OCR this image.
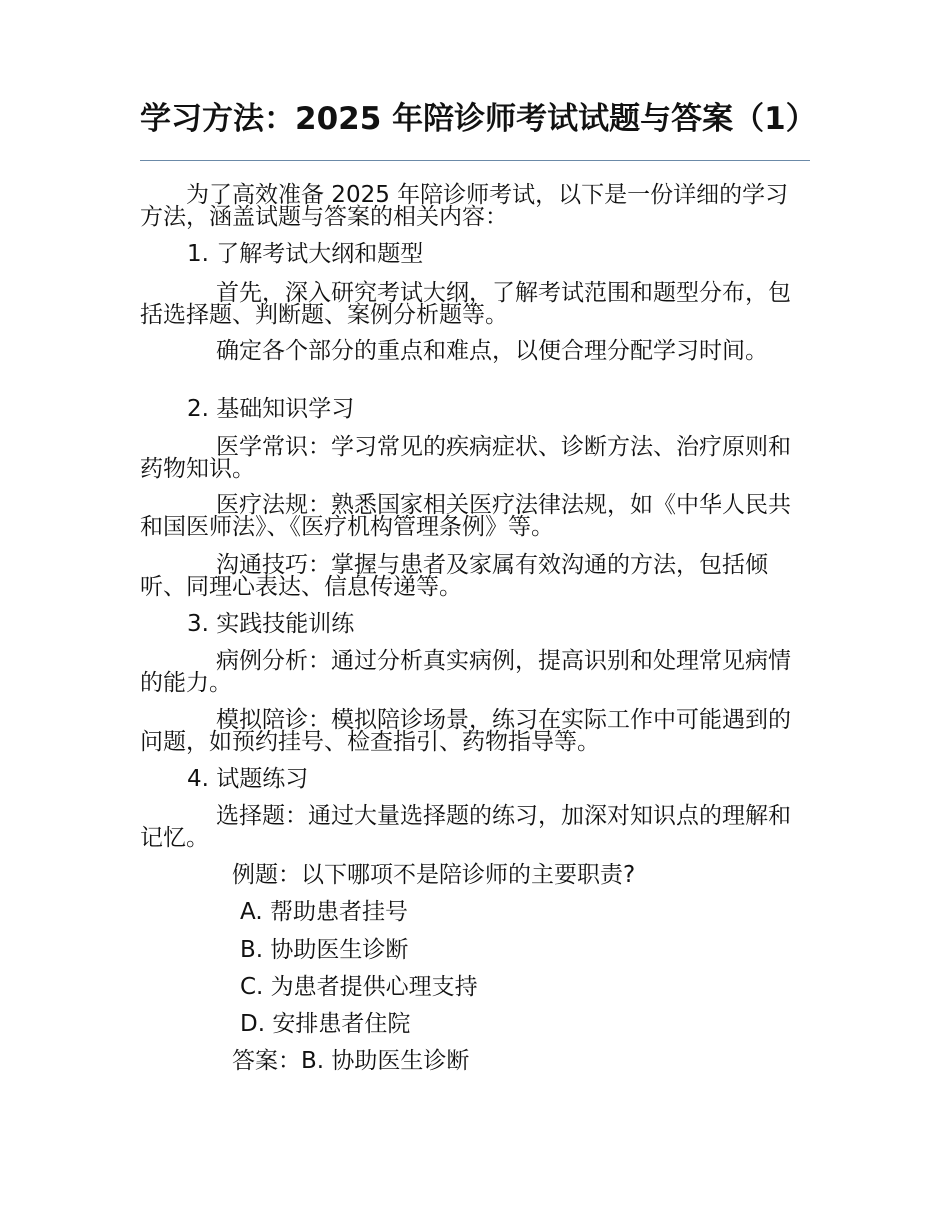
学习方法：2025 年陪诊师考试试题与答案（1）

为了高效准备 2025 年陪诊师考试，以下是一份详细的学习方法，涵盖试题与答案的相关内容：

1. 了解考试大纲和题型

首先，深入研究考试大纲，了解考试范围和题型分布，包括选择题、判断题、案例分析题等。

确定各个部分的重点和难点，以便合理分配学习时间。

2. 基础知识学习

医学常识：学习常见的疾病症状、诊断方法、治疗原则和药物知识。

医疗法规：熟悉国家相关医疗法律法规，如《中华人民共和国医师法》、《医疗机构管理条例》等。

沟通技巧：掌握与患者及家属有效沟通的方法，包括倾听、同理心表达、信息传递等。

3. 实践技能训练

病例分析：通过分析真实病例，提高识别和处理常见病情的能力。

模拟陪诊：模拟陪诊场景，练习在实际工作中可能遇到的问题，如预约挂号、检查指引、药物指导等。

4. 试题练习

选择题：通过大量选择题的练习，加深对知识点的理解和记忆。

例题：以下哪项不是陪诊师的主要职责?

A. 帮助患者挂号

B. 协助医生诊断

C. 为患者提供心理支持

D. 安排患者住院

答案：B. 协助医生诊断
